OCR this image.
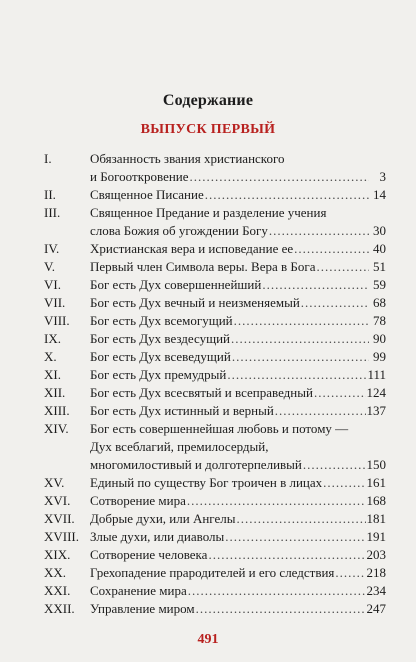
Содержание
ВЫПУСК ПЕРВЫЙ
I.	Обязанность звания христианского
и Богооткровение .....	3
II.	Священное Писание .....	14
III.	Священное Предание и разделение учения
слова Божия об угождении Богу .....	30
IV.	Христианская вера и исповедание ее .....	40
V.	Первый член Символа веры. Вера в Бога .....	51
VI.	Бог есть Дух совершеннейший .....	59
VII.	Бог есть Дух вечный и неизменяемый .....	68
VIII.	Бог есть Дух всемогущий .....	78
IX.	Бог есть Дух вездесущий .....	90
X.	Бог есть Дух всеведущий .....	99
XI.	Бог есть Дух премудрый .....	111
XII.	Бог есть Дух всесвятый и всеправедный .....	124
XIII.	Бог есть Дух истинный и верный .....	137
XIV.	Бог есть совершеннейшая любовь и потому —
Дух всеблагий, премилосердый,
многомилостивый и долготерпеливый .....	150
XV.	Единый по существу Бог троичен в лицах .....	161
XVI.	Сотворение мира .....	168
XVII.	Добрые духи, или Ангелы .....	181
XVIII. Злые духи, или диаволы .....	191
XIX.	Сотворение человека .....	203
XX.	Грехопадение прародителей и его следствия ..... 218
XXI.	Сохранение мира .....	234
XXII.	Управление миром .....	247
491
